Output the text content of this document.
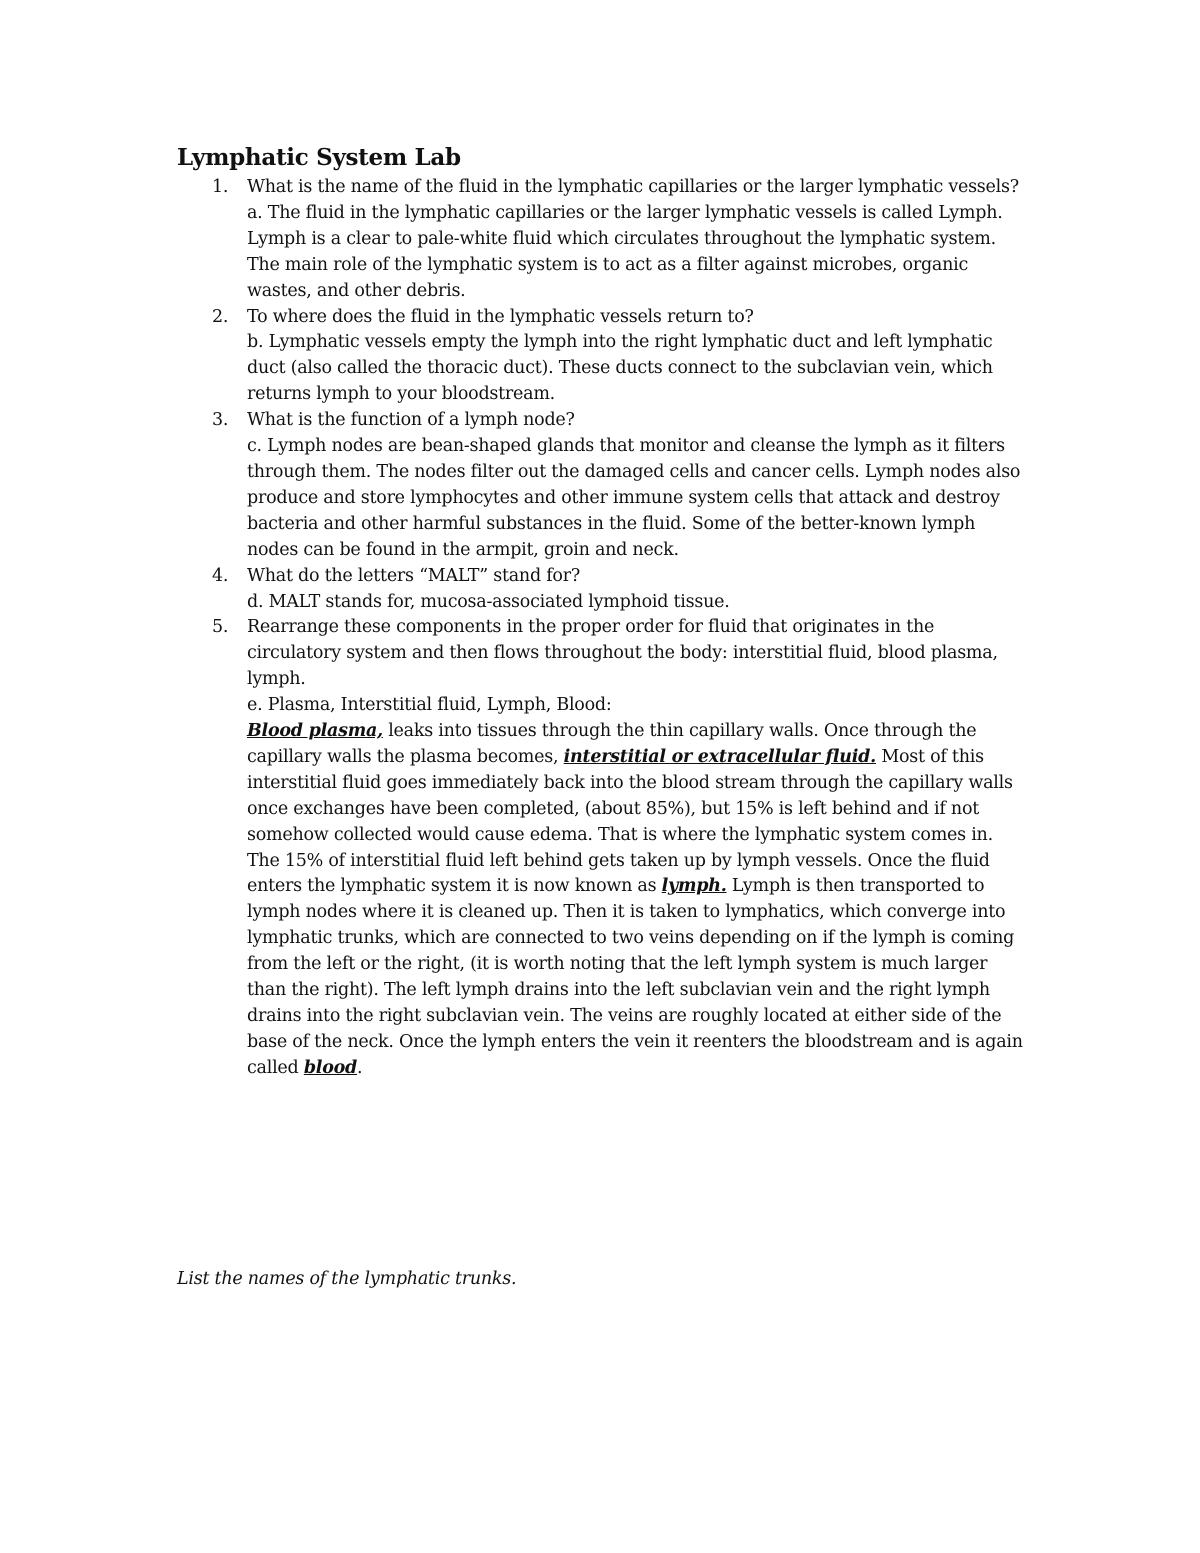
Lymphatic System Lab
1. What is the name of the fluid in the lymphatic capillaries or the larger lymphatic vessels?
a. The fluid in the lymphatic capillaries or the larger lymphatic vessels is called Lymph. Lymph is a clear to pale-white fluid which circulates throughout the lymphatic system. The main role of the lymphatic system is to act as a filter against microbes, organic wastes, and other debris.
2. To where does the fluid in the lymphatic vessels return to?
b. Lymphatic vessels empty the lymph into the right lymphatic duct and left lymphatic duct (also called the thoracic duct). These ducts connect to the subclavian vein, which returns lymph to your bloodstream.
3. What is the function of a lymph node?
c. Lymph nodes are bean-shaped glands that monitor and cleanse the lymph as it filters through them. The nodes filter out the damaged cells and cancer cells. Lymph nodes also produce and store lymphocytes and other immune system cells that attack and destroy bacteria and other harmful substances in the fluid. Some of the better-known lymph nodes can be found in the armpit, groin and neck.
4. What do the letters “MALT” stand for?
d. MALT stands for, mucosa-associated lymphoid tissue.
5. Rearrange these components in the proper order for fluid that originates in the circulatory system and then flows throughout the body: interstitial fluid, blood plasma, lymph.
e. Plasma, Interstitial fluid, Lymph, Blood:
Blood plasma, leaks into tissues through the thin capillary walls. Once through the capillary walls the plasma becomes, interstitial or extracellular fluid. Most of this interstitial fluid goes immediately back into the blood stream through the capillary walls once exchanges have been completed, (about 85%), but 15% is left behind and if not somehow collected would cause edema. That is where the lymphatic system comes in. The 15% of interstitial fluid left behind gets taken up by lymph vessels. Once the fluid enters the lymphatic system it is now known as lymph. Lymph is then transported to lymph nodes where it is cleaned up. Then it is taken to lymphatics, which converge into lymphatic trunks, which are connected to two veins depending on if the lymph is coming from the left or the right, (it is worth noting that the left lymph system is much larger than the right). The left lymph drains into the left subclavian vein and the right lymph drains into the right subclavian vein. The veins are roughly located at either side of the base of the neck. Once the lymph enters the vein it reenters the bloodstream and is again called blood.

List the names of the lymphatic trunks.
